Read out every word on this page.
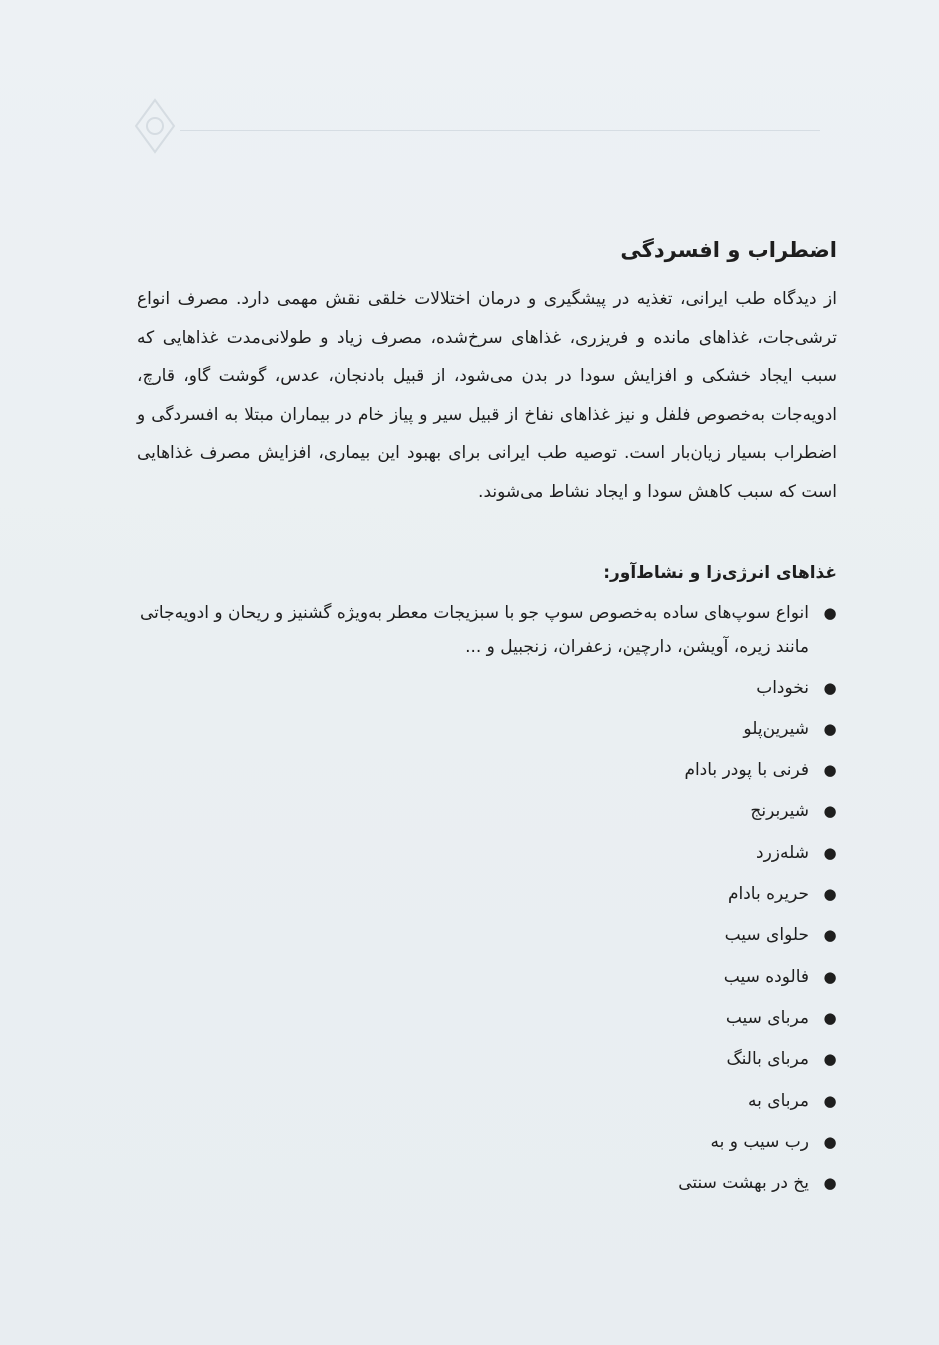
اضطراب و افسردگی

از دیدگاه طب ایرانی، تغذیه در پیشگیری و درمان اختلالات خلقی نقش مهمی دارد. مصرف انواع ترشی‌جات، غذاهای مانده و فریزری، غذاهای سرخ‌شده، مصرف زیاد و طولانی‌مدت غذاهایی که سبب ایجاد خشکی و افزایش سودا در بدن می‌شود، از قبیل بادنجان، عدس، گوشت گاو، قارچ، ادویه‌جات به‌خصوص فلفل و نیز غذاهای نفاخ از قبیل سیر و پیاز خام در بیماران مبتلا به افسردگی و اضطراب بسیار زیان‌بار است. توصیه طب ایرانی برای بهبود این بیماری، افزایش مصرف غذاهایی است که سبب کاهش سودا و ایجاد نشاط می‌شوند.

غذاهای انرژی‌زا و نشاط‌آور:
●
انواع سوپ‌های ساده به‌خصوص سوپ جو با سبزیجات معطر به‌ویژه گشنیز و ریحان و ادویه‌جاتی مانند زیره، آویشن، دارچین، زعفران، زنجبیل و ...
●
نخوداب
●
شیرین‌پلو
●
فرنی با پودر بادام
●
شیربرنج
●
شله‌زرد
●
حریره بادام
●
حلوای سیب
●
فالوده سیب
●
مربای سیب
●
مربای بالنگ
●
مربای به
●
رب سیب و به
●
یخ در بهشت سنتی
